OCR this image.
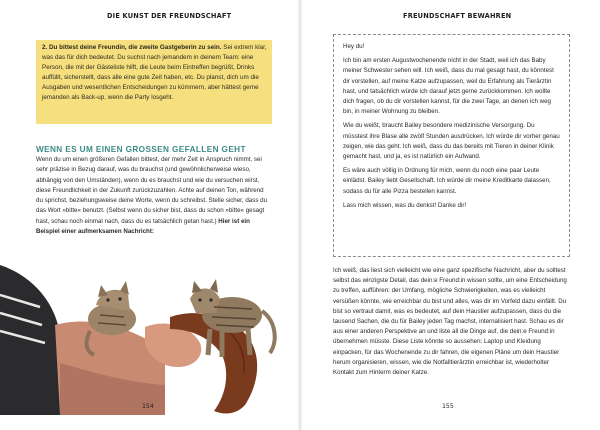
DIE KUNST DER FREUNDSCHAFT
2. Du bittest deine Freundin, die zweite Gastgeberin zu sein. Sei extrem klar, was das für dich bedeutet. Du suchst nach jemandem in deinem Team: eine Person, die mit der Gästeliste hilft, die Leute beim Eintreffen begrüßt, Drinks auffüllt, sicherstellt, dass alle eine gute Zeit haben, etc. Du planst, dich um die Ausgaben und wesentlichen Entscheidungen zu kümmern, aber hättest gerne jemanden als Back-up, wenn die Party losgeht.
WENN ES UM EINEN GROSSEN GEFALLEN GEHT
Wenn du um einen größeren Gefallen bittest, der mehr Zeit in Anspruch nimmt, sei sehr präzise in Bezug darauf, was du brauchst (und gewöhnlicherweise wieso, abhängig von den Umständen), wenn du es brauchst und wie du versuchen wirst, diese Freundlichkeit in der Zukunft zurückzuzahlen. Achte auf deinen Ton, während du sprichst, beziehungsweise deine Worte, wenn du schreibst. Stelle sicher, dass du das Wort »bitte« benutzt. (Selbst wenn du sicher bist, dass du schon »bitte« gesagt hast, schau noch einmal nach, dass du es tatsächlich getan hast.) Hier ist ein Beispiel einer aufmerksamen Nachricht:
154
FREUNDSCHAFT BEWAHREN

Hey du!

Ich bin am ersten Augustwochenende nicht in der Stadt, weil ich das Baby meiner Schwester sehen will. Ich weiß, dass du mal gesagt hast, du könntest dir vorstellen, auf meine Katze aufzupassen, weil du Erfahrung als Tierärztin hast, und tatsächlich würde ich darauf jetzt gerne zurückkommen. Ich wollte dich fragen, ob du dir vorstellen kannst, für die zwei Tage, an denen ich weg bin, in meiner Wohnung zu bleiben.

Wie du weißt, braucht Bailey besondere medizinische Versorgung. Du müsstest ihre Blase alle zwölf Stunden ausdrücken. Ich würde dir vorher genau zeigen, wie das geht. Ich weiß, dass du das bereits mit Tieren in deiner Klinik gemacht hast, und ja, es ist natürlich ein Aufwand.

Es wäre auch völlig in Ordnung für mich, wenn du noch eine paar Leute einlädst. Bailey liebt Gesellschaft. Ich würde dir meine Kreditkarte dalassen, sodass du für alle Pizza bestellen kannst.

Lass mich wissen, was du denkst! Danke dir!

Ich weiß, das liest sich vielleicht wie eine ganz spezifische Nachricht, aber du solltest selbst das winzigste Detail, das dein:e Freund:in wissen sollte, um eine Entscheidung zu treffen, aufführen: der Umfang, mögliche Schwierigkeiten, was es vielleicht versüßen könnte, wie erreichbar du bist und alles, was dir im Vorfeld dazu einfällt. Du bist so vertraut damit, was es bedeutet, auf dein Haustier aufzupassen, dass du die tausend Sachen, die du für Bailey jeden Tag machst, internalisiert hast. Schau es dir aus einer anderen Perspektive an und liste all die Dinge auf, die dein:e Freund:in übernehmen müsste. Diese Liste könnte so aussehen: Laptop und Kleidung einpacken, für das Wochenende zu dir fahren, die eigenen Pläne um dein Haustier herum organisieren, wissen, wie die Notfalltierärztin erreichbar ist, wiederholter Kontakt zum Hinterm deiner Katze.
155
